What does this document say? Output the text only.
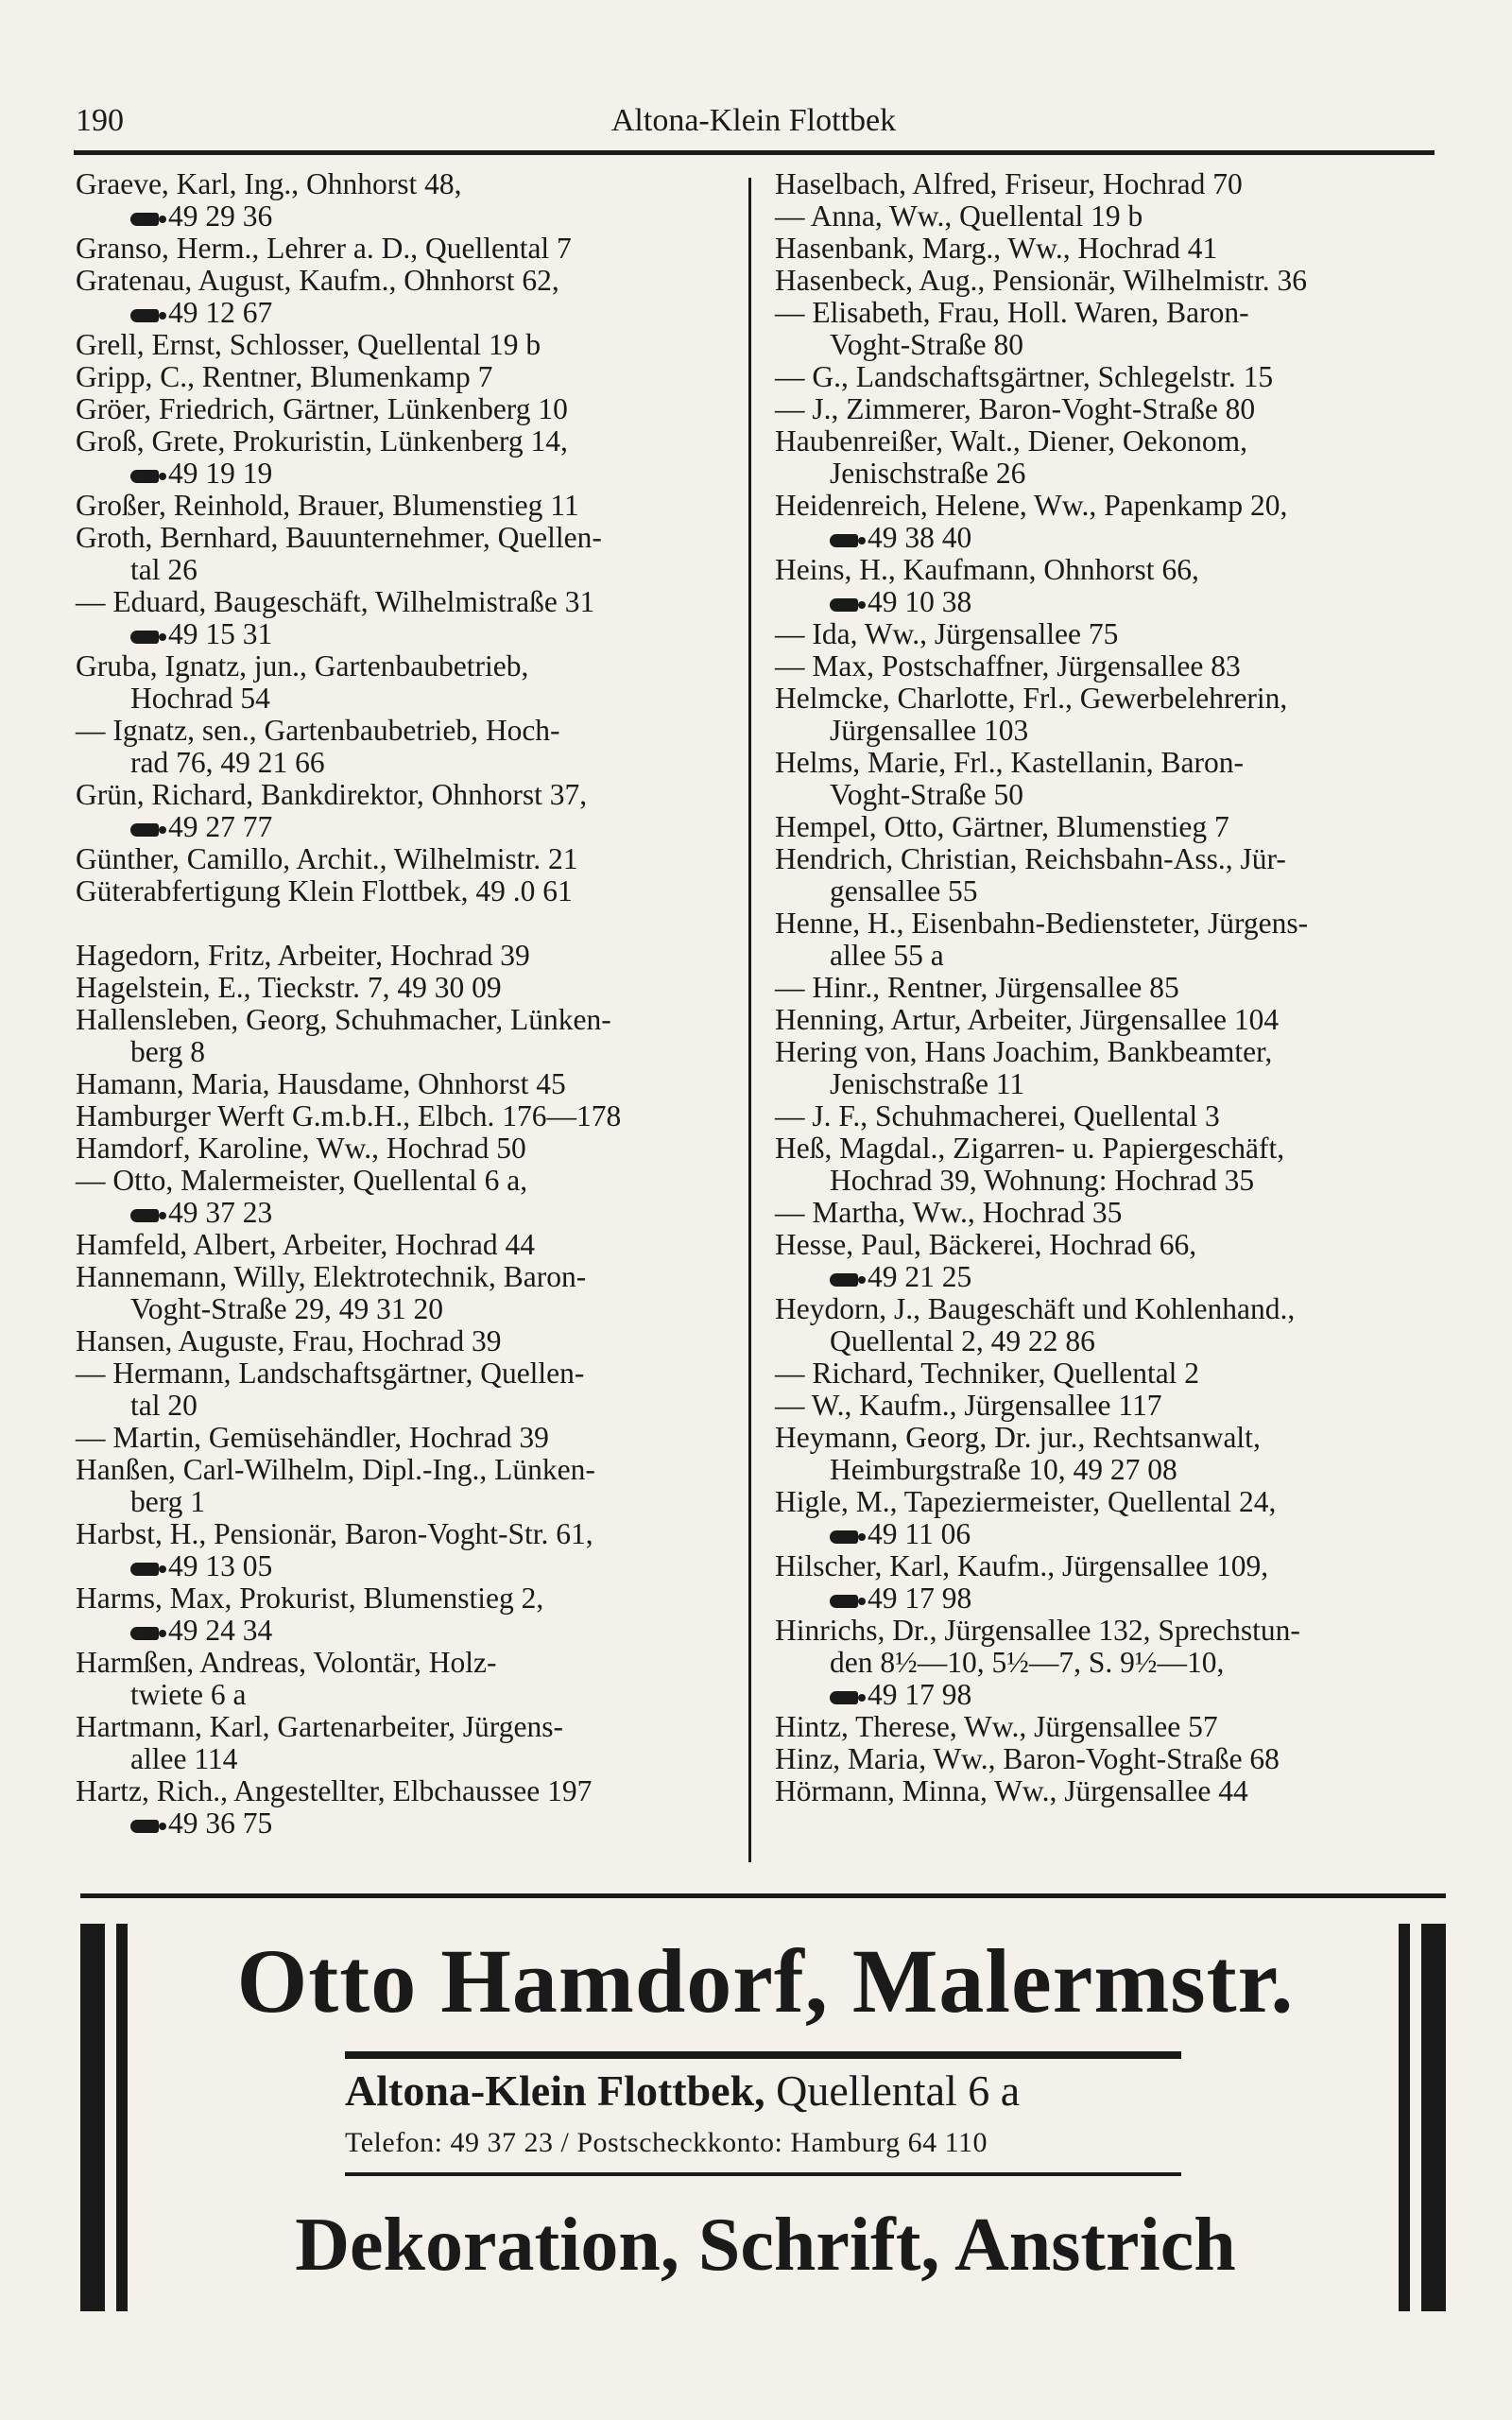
190	Altona-Klein Flottbek
Graeve, Karl, Ing., Ohnhorst 48,
49 29 36
Granso, Herm., Lehrer a. D., Quellental 7
Gratenau, August, Kaufm., Ohnhorst 62,
49 12 67
Grell, Ernst, Schlosser, Quellental 19 b
Gripp, C., Rentner, Blumenkamp 7
Gröer, Friedrich, Gärtner, Lünkenberg 10
Groß, Grete, Prokuristin, Lünkenberg 14,
49 19 19
Großer, Reinhold, Brauer, Blumenstieg 11
Groth, Bernhard, Bauunternehmer, Quellen-
tal 26
— Eduard, Baugeschäft, Wilhelmistraße 31
49 15 31
Gruba, Ignatz, jun., Gartenbaubetrieb,
Hochrad 54
— Ignatz, sen., Gartenbaubetrieb, Hoch-
rad 76, 49 21 66
Grün, Richard, Bankdirektor, Ohnhorst 37,
49 27 77
Günther, Camillo, Archit., Wilhelmistr. 21
Güterabfertigung Klein Flottbek, 49 .0 61
Hagedorn, Fritz, Arbeiter, Hochrad 39
Hagelstein, E., Tieckstr. 7, 49 30 09
Hallensleben, Georg, Schuhmacher, Lünken-
berg 8
Hamann, Maria, Hausdame, Ohnhorst 45
Hamburger Werft G.m.b.H., Elbch. 176—178
Hamdorf, Karoline, Ww., Hochrad 50
— Otto, Malermeister, Quellental 6 a,
49 37 23
Hamfeld, Albert, Arbeiter, Hochrad 44
Hannemann, Willy, Elektrotechnik, Baron-
Voght-Straße 29, 49 31 20
Hansen, Auguste, Frau, Hochrad 39
— Hermann, Landschaftsgärtner, Quellen-
tal 20
— Martin, Gemüsehändler, Hochrad 39
Hanßen, Carl-Wilhelm, Dipl.-Ing., Lünken-
berg 1
Harbst, H., Pensionär, Baron-Voght-Str. 61,
49 13 05
Harms, Max, Prokurist, Blumenstieg 2,
49 24 34
Harmßen, Andreas, Volontär, Holz-
twiete 6 a
Hartmann, Karl, Gartenarbeiter, Jürgens-
allee 114
Hartz, Rich., Angestellter, Elbchaussee 197
49 36 75
Haselbach, Alfred, Friseur, Hochrad 70
— Anna, Ww., Quellental 19 b
Hasenbank, Marg., Ww., Hochrad 41
Hasenbeck, Aug., Pensionär, Wilhelmistr. 36
— Elisabeth, Frau, Holl. Waren, Baron-
Voght-Straße 80
— G., Landschaftsgärtner, Schlegelstr. 15
— J., Zimmerer, Baron-Voght-Straße 80
Haubenreißer, Walt., Diener, Oekonom,
Jenischstraße 26
Heidenreich, Helene, Ww., Papenkamp 20,
49 38 40
Heins, H., Kaufmann, Ohnhorst 66,
49 10 38
— Ida, Ww., Jürgensallee 75
— Max, Postschaffner, Jürgensallee 83
Helmcke, Charlotte, Frl., Gewerbelehrerin,
Jürgensallee 103
Helms, Marie, Frl., Kastellanin, Baron-
Voght-Straße 50
Hempel, Otto, Gärtner, Blumenstieg 7
Hendrich, Christian, Reichsbahn-Ass., Jür-
gensallee 55
Henne, H., Eisenbahn-Bediensteter, Jürgens-
allee 55 a
— Hinr., Rentner, Jürgensallee 85
Henning, Artur, Arbeiter, Jürgensallee 104
Hering von, Hans Joachim, Bankbeamter,
Jenischstraße 11
— J. F., Schuhmacherei, Quellental 3
Heß, Magdal., Zigarren- u. Papiergeschäft,
Hochrad 39, Wohnung: Hochrad 35
— Martha, Ww., Hochrad 35
Hesse, Paul, Bäckerei, Hochrad 66,
49 21 25
Heydorn, J., Baugeschäft und Kohlenhand.,
Quellental 2, 49 22 86
— Richard, Techniker, Quellental 2
— W., Kaufm., Jürgensallee 117
Heymann, Georg, Dr. jur., Rechtsanwalt,
Heimburgstraße 10, 49 27 08
Higle, M., Tapeziermeister, Quellental 24,
49 11 06
Hilscher, Karl, Kaufm., Jürgensallee 109,
49 17 98
Hinrichs, Dr., Jürgensallee 132, Sprechstun-
den 8½—10, 5½—7, S. 9½—10,
49 17 98
Hintz, Therese, Ww., Jürgensallee 57
Hinz, Maria, Ww., Baron-Voght-Straße 68
Hörmann, Minna, Ww., Jürgensallee 44
Otto Hamdorf, Malermstr.
Altona-Klein Flottbek, Quellental 6 a
Telefon: 49 37 23 / Postscheckkonto: Hamburg 64 110
Dekoration, Schrift, Anstrich
